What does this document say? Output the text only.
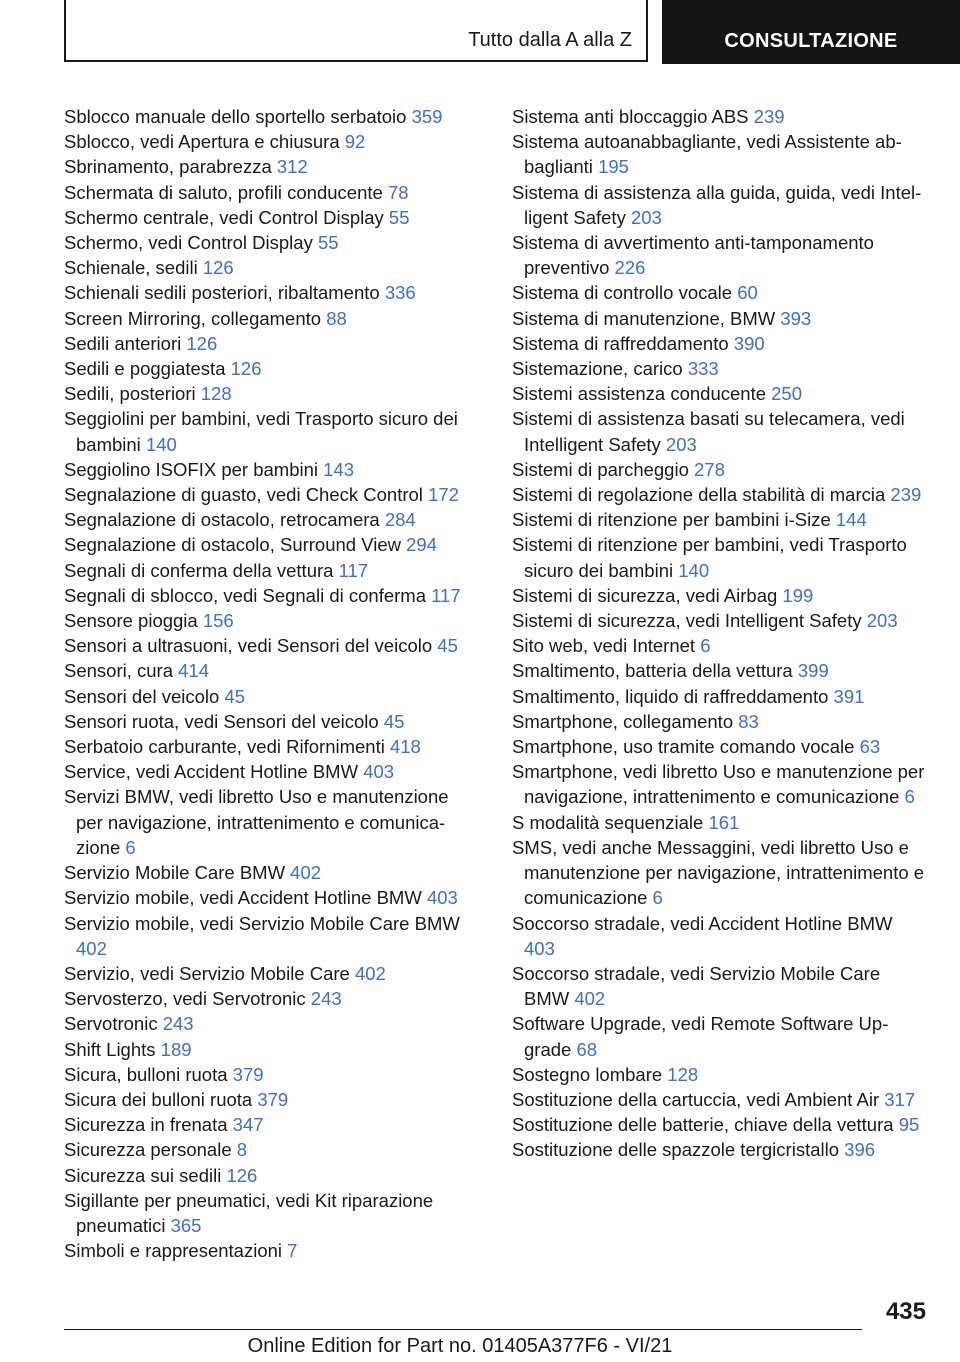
Tutto dalla A alla Z	CONSULTAZIONE
Sblocco manuale dello sportello serbatoio 359
Sblocco, vedi Apertura e chiusura 92
Sbrinamento, parabrezza 312
Schermata di saluto, profili conducente 78
Schermo centrale, vedi Control Display 55
Schermo, vedi Control Display 55
Schienale, sedili 126
Schienali sedili posteriori, ribaltamento 336
Screen Mirroring, collegamento 88
Sedili anteriori 126
Sedili e poggiatesta 126
Sedili, posteriori 128
Seggiolini per bambini, vedi Trasporto sicuro dei bambini 140
Seggiolino ISOFIX per bambini 143
Segnalazione di guasto, vedi Check Control 172
Segnalazione di ostacolo, retrocamera 284
Segnalazione di ostacolo, Surround View 294
Segnali di conferma della vettura 117
Segnali di sblocco, vedi Segnali di conferma 117
Sensore pioggia 156
Sensori a ultrasuoni, vedi Sensori del veicolo 45
Sensori, cura 414
Sensori del veicolo 45
Sensori ruota, vedi Sensori del veicolo 45
Serbatoio carburante, vedi Rifornimenti 418
Service, vedi Accident Hotline BMW 403
Servizi BMW, vedi libretto Uso e manutenzione per navigazione, intrattenimento e comunicazione 6
Servizio Mobile Care BMW 402
Servizio mobile, vedi Accident Hotline BMW 403
Servizio mobile, vedi Servizio Mobile Care BMW 402
Servizio, vedi Servizio Mobile Care 402
Servosterzo, vedi Servotronic 243
Servotronic 243
Shift Lights 189
Sicura, bulloni ruota 379
Sicura dei bulloni ruota 379
Sicurezza in frenata 347
Sicurezza personale 8
Sicurezza sui sedili 126
Sigillante per pneumatici, vedi Kit riparazione pneumatici 365
Simboli e rappresentazioni 7
Sistema anti bloccaggio ABS 239
Sistema autoanabbagliante, vedi Assistente abbaglianti 195
Sistema di assistenza alla guida, guida, vedi Intelligent Safety 203
Sistema di avvertimento anti-tamponamento preventivo 226
Sistema di controllo vocale 60
Sistema di manutenzione, BMW 393
Sistema di raffreddamento 390
Sistemazione, carico 333
Sistemi assistenza conducente 250
Sistemi di assistenza basati su telecamera, vedi Intelligent Safety 203
Sistemi di parcheggio 278
Sistemi di regolazione della stabilità di marcia 239
Sistemi di ritenzione per bambini i-Size 144
Sistemi di ritenzione per bambini, vedi Trasporto sicuro dei bambini 140
Sistemi di sicurezza, vedi Airbag 199
Sistemi di sicurezza, vedi Intelligent Safety 203
Sito web, vedi Internet 6
Smaltimento, batteria della vettura 399
Smaltimento, liquido di raffreddamento 391
Smartphone, collegamento 83
Smartphone, uso tramite comando vocale 63
Smartphone, vedi libretto Uso e manutenzione per navigazione, intrattenimento e comunicazione 6
S modalità sequenziale 161
SMS, vedi anche Messaggini, vedi libretto Uso e manutenzione per navigazione, intrattenimento e comunicazione 6
Soccorso stradale, vedi Accident Hotline BMW 403
Soccorso stradale, vedi Servizio Mobile Care BMW 402
Software Upgrade, vedi Remote Software Upgrade 68
Sostegno lombare 128
Sostituzione della cartuccia, vedi Ambient Air 317
Sostituzione delle batterie, chiave della vettura 95
Sostituzione delle spazzole tergicristallo 396
435
Online Edition for Part no. 01405A377F6 - VI/21
